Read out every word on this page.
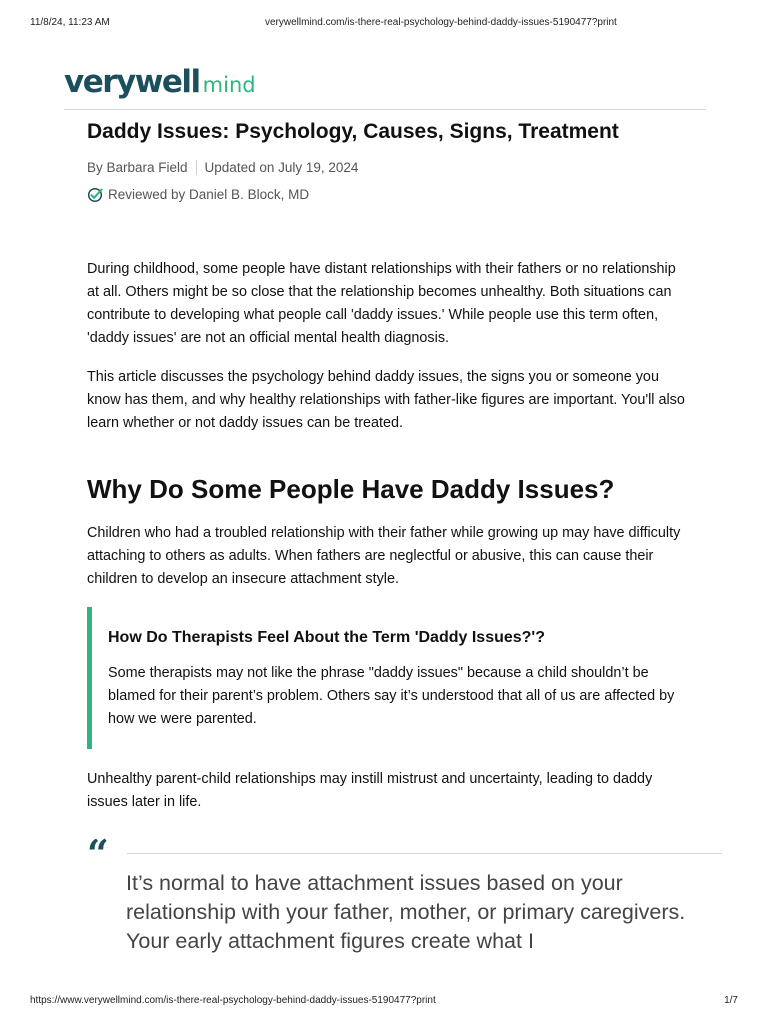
11/8/24, 11:23 AM	verywellmind.com/is-there-real-psychology-behind-daddy-issues-5190477?print
verywell mind
Daddy Issues: Psychology, Causes, Signs, Treatment
By Barbara Field Updated on July 19, 2024
Reviewed by Daniel B. Block, MD

During childhood, some people have distant relationships with their fathers or no relationship at all. Others might be so close that the relationship becomes unhealthy. Both situations can contribute to developing what people call 'daddy issues.' While people use this term often, 'daddy issues' are not an official mental health diagnosis.

This article discusses the psychology behind daddy issues, the signs you or someone you know has them, and why healthy relationships with father-like figures are important. You'll also learn whether or not daddy issues can be treated.

Why Do Some People Have Daddy Issues?

Children who had a troubled relationship with their father while growing up may have difficulty attaching to others as adults. When fathers are neglectful or abusive, this can cause their children to develop an insecure attachment style.

How Do Therapists Feel About the Term 'Daddy Issues?'?

Some therapists may not like the phrase "daddy issues" because a child shouldn’t be blamed for their parent’s problem. Others say it’s understood that all of us are affected by how we were parented.

Unhealthy parent-child relationships may instill mistrust and uncertainty, leading to daddy issues later in life.

“

It’s normal to have attachment issues based on your relationship with your father, mother, or primary caregivers. Your early attachment figures create what I

https://www.verywellmind.com/is-there-real-psychology-behind-daddy-issues-5190477?print	1/7
